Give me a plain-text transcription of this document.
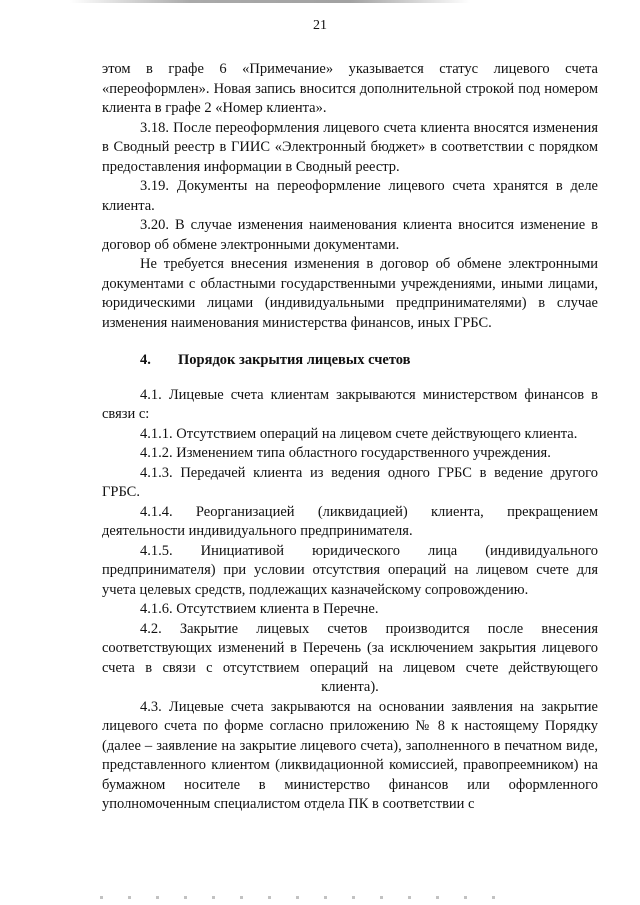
21

этом в графе 6 «Примечание» указывается статус лицевого счета «переоформлен». Новая запись вносится дополнительной строкой под номером клиента в графе 2 «Номер клиента».

3.18. После переоформления лицевого счета клиента вносятся изменения в Сводный реестр в ГИИС «Электронный бюджет» в соответствии с порядком предоставления информации в Сводный реестр.

3.19. Документы на переоформление лицевого счета хранятся в деле клиента.

3.20. В случае изменения наименования клиента вносится изменение в договор об обмене электронными документами.

Не требуется внесения изменения в договор об обмене электронными документами с областными государственными учреждениями, иными лицами, юридическими лицами (индивидуальными предпринимателями) в случае изменения наименования министерства финансов, иных ГРБС.

4. Порядок закрытия лицевых счетов

4.1. Лицевые счета клиентам закрываются министерством финансов в связи с:

4.1.1. Отсутствием операций на лицевом счете действующего клиента.

4.1.2. Изменением типа областного государственного учреждения.

4.1.3. Передачей клиента из ведения одного ГРБС в ведение другого ГРБС.

4.1.4. Реорганизацией (ликвидацией) клиента, прекращением деятельности индивидуального предпринимателя.

4.1.5. Инициативой юридического лица (индивидуального предпринимателя) при условии отсутствия операций на лицевом счете для учета целевых средств, подлежащих казначейскому сопровождению.

4.1.6. Отсутствием клиента в Перечне.

4.2. Закрытие лицевых счетов производится после внесения соответствующих изменений в Перечень (за исключением закрытия лицевого счета в связи с отсутствием операций на лицевом счете действующего клиента).

4.3. Лицевые счета закрываются на основании заявления на закрытие лицевого счета по форме согласно приложению № 8 к настоящему Порядку (далее – заявление на закрытие лицевого счета), заполненного в печатном виде, представленного клиентом (ликвидационной комиссией, правопреемником) на бумажном носителе в министерство финансов или оформленного уполномоченным специалистом отдела ПК в соответствии с
